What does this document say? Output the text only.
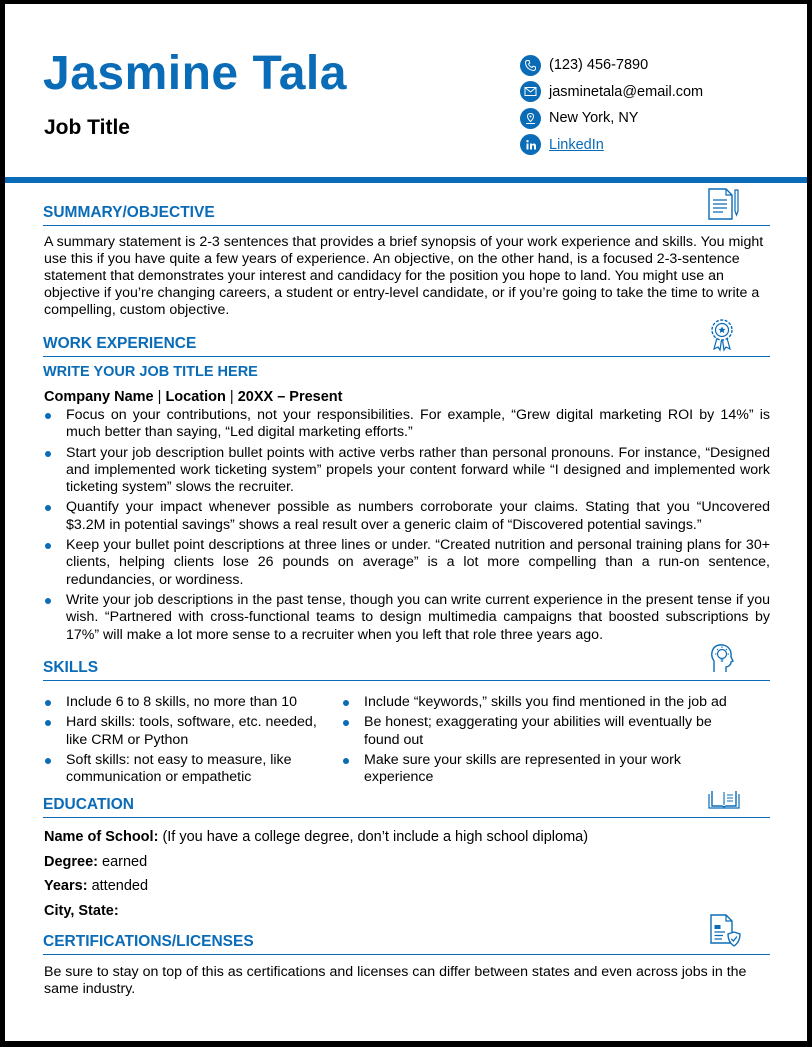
Jasmine Tala
Job Title
(123) 456-7890
jasminetala@email.com
New York, NY
LinkedIn
SUMMARY/OBJECTIVE
A summary statement is 2-3 sentences that provides a brief synopsis of your work experience and skills. You might use this if you have quite a few years of experience. An objective, on the other hand, is a focused 2-3-sentence statement that demonstrates your interest and candidacy for the position you hope to land. You might use an objective if you’re changing careers, a student or entry-level candidate, or if you’re going to take the time to write a compelling, custom objective.
WORK EXPERIENCE
WRITE YOUR JOB TITLE HERE
Company Name | Location | 20XX – Present
Focus on your contributions, not your responsibilities. For example, “Grew digital marketing ROI by 14%” is much better than saying, “Led digital marketing efforts.”
Start your job description bullet points with active verbs rather than personal pronouns. For instance, “Designed and implemented work ticketing system” propels your content forward while “I designed and implemented work ticketing system” slows the recruiter.
Quantify your impact whenever possible as numbers corroborate your claims. Stating that you “Uncovered $3.2M in potential savings” shows a real result over a generic claim of “Discovered potential savings.”
Keep your bullet point descriptions at three lines or under. “Created nutrition and personal training plans for 30+ clients, helping clients lose 26 pounds on average” is a lot more compelling than a run-on sentence, redundancies, or wordiness.
Write your job descriptions in the past tense, though you can write current experience in the present tense if you wish. “Partnered with cross-functional teams to design multimedia campaigns that boosted subscriptions by 17%” will make a lot more sense to a recruiter when you left that role three years ago.
SKILLS
Include 6 to 8 skills, no more than 10
Hard skills: tools, software, etc. needed, like CRM or Python
Soft skills: not easy to measure, like communication or empathetic
Include “keywords,” skills you find mentioned in the job ad
Be honest; exaggerating your abilities will eventually be found out
Make sure your skills are represented in your work experience
EDUCATION
Name of School: (If you have a college degree, don’t include a high school diploma)
Degree: earned
Years: attended
City, State:
CERTIFICATIONS/LICENSES
Be sure to stay on top of this as certifications and licenses can differ between states and even across jobs in the same industry.
